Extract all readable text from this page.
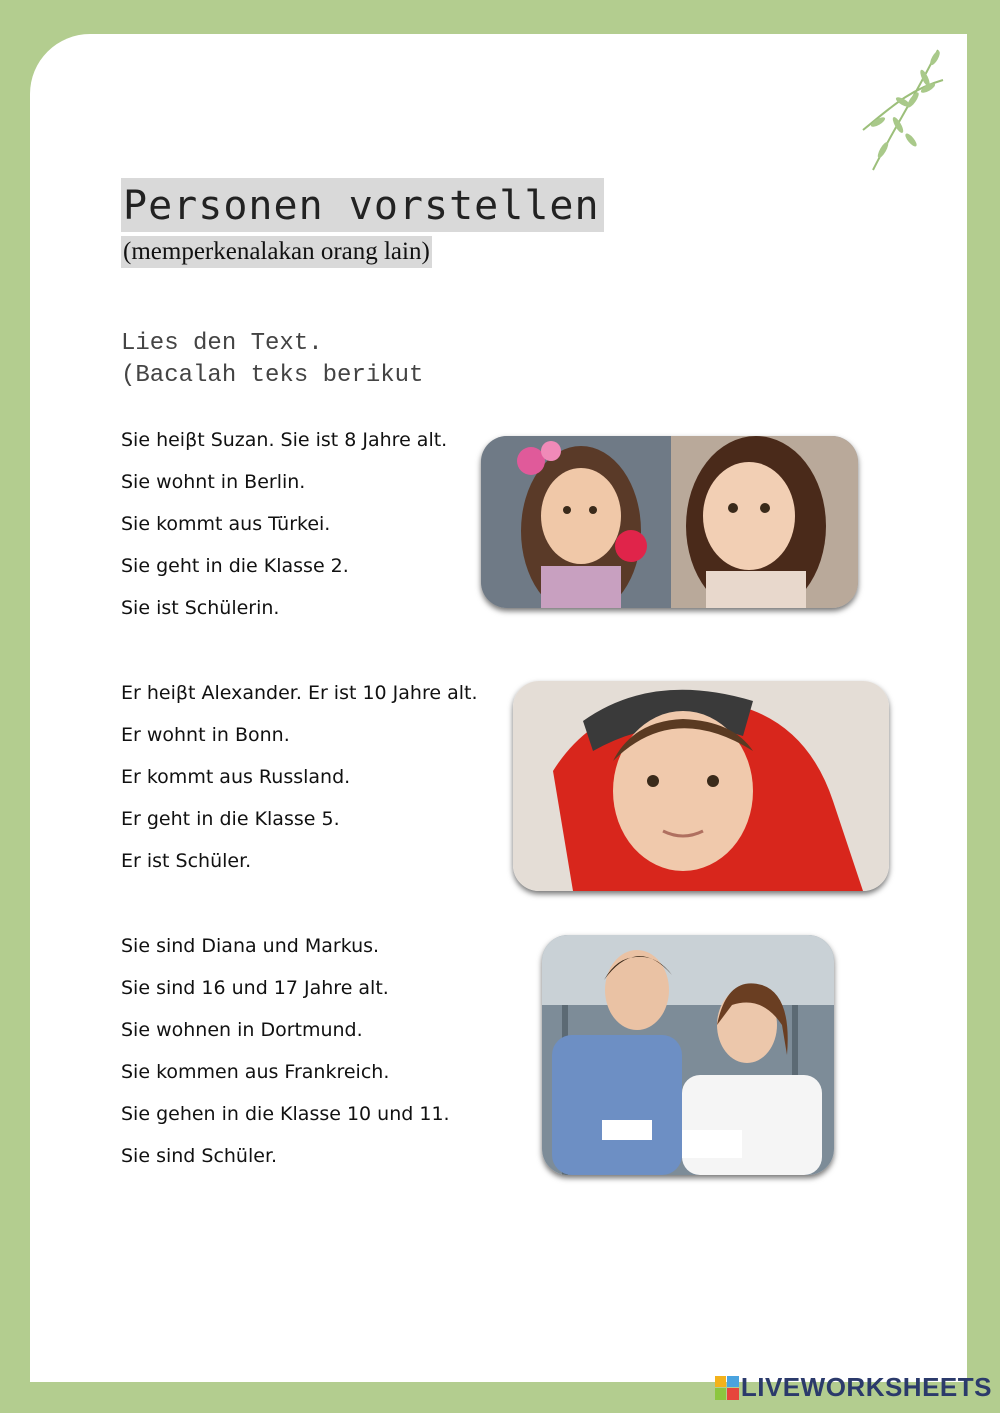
Personen vorstellen
(memperkenalakan orang lain)
Lies den Text.
(Bacalah teks berikut
Sie heiβt Suzan. Sie ist 8 Jahre alt.
Sie wohnt in Berlin.
Sie kommt aus Türkei.
Sie geht in die Klasse 2.
Sie ist Schülerin.
Er heiβt Alexander. Er ist 10 Jahre alt.
Er wohnt in Bonn.
Er kommt aus Russland.
Er geht in die Klasse 5.
Er ist Schüler.
Sie sind Diana und Markus.
Sie sind 16 und 17 Jahre alt.
Sie wohnen in Dortmund.
Sie kommen aus Frankreich.
Sie gehen in die Klasse 10 und 11.
Sie sind Schüler.
LIVEWORKSHEETS
